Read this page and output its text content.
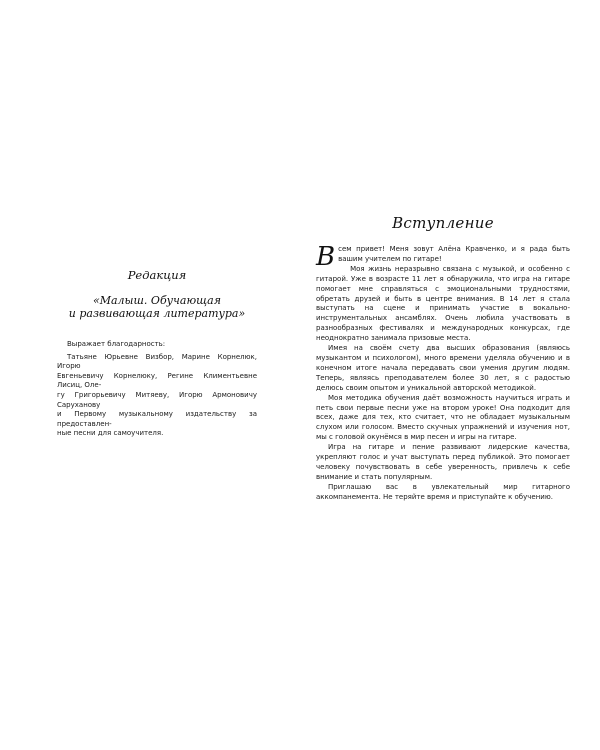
Редакция
«Малыш. Обучающая
и развивающая литература»
Выражает благодарность:
Татьяне Юрьевне Визбор, Марине Корнелюк, Игорю
Евгеньевичу Корнелюку, Регине Климентьевне Лисиц, Оле-
гу Григорьевичу Митяеву, Игорю Армоновичу Саруханову
и Первому музыкальному издательству за предоставлен-
ные песни для самоучителя.
Вступление

Всем привет! Меня зовут Алёна Кравченко, и я рада быть вашим учителем по гитаре!

Моя жизнь неразрывно связана с музыкой, и особенно с гитарой. Уже в возрасте 11 лет я обнаружила, что игра на гитаре помогает мне справляться с эмоциональными трудностями, обретать друзей и быть в центре внимания. В 14 лет я стала выступать на сцене и принимать участие в вокально-инструментальных ансамблях. Очень любила участвовать в разнообразных фестивалях и международных конкурсах, где неоднократно занимала призовые места.

Имея на своём счету два высших образования (являюсь музыкантом и психологом), много времени уделяла обучению и в конечном итоге начала передавать свои умения другим людям. Теперь, являясь преподавателем более 30 лет, я с радостью делюсь своим опытом и уникальной авторской методикой.

Моя методика обучения даёт возможность научиться играть и петь свои первые песни уже на втором уроке! Она подходит для всех, даже для тех, кто считает, что не обладает музыкальным слухом или голосом. Вместо скучных упражнений и изучения нот, мы с головой окунёмся в мир песен и игры на гитаре.

Игра на гитаре и пение развивают лидерские качества, укрепляют голос и учат выступать перед публикой. Это помогает человеку почувствовать в себе уверенность, привлечь к себе внимание и стать популярным.

Приглашаю вас в увлекательный мир гитарного аккомпанемента. Не теряйте время и приступайте к обучению.
